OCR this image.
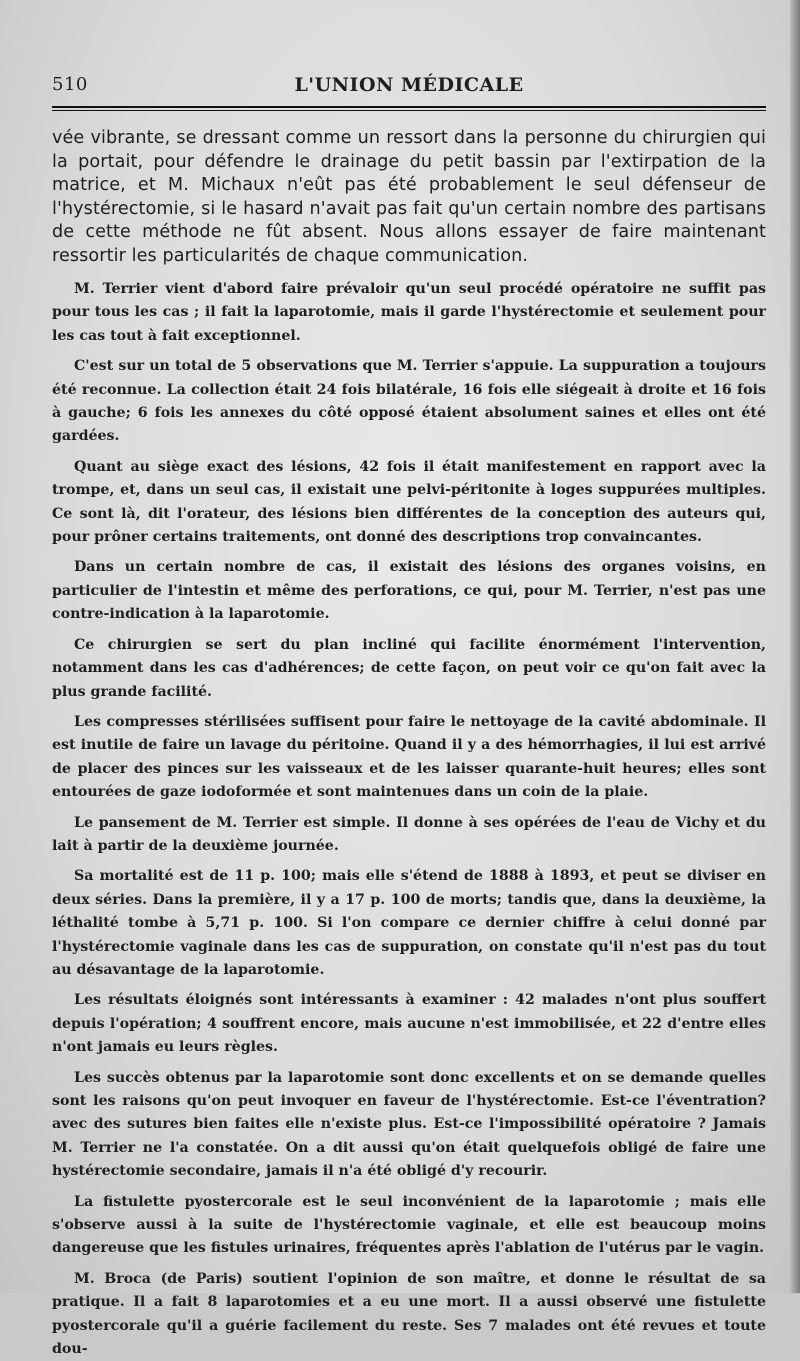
L'UNION MÉDICALE
510

vée vibrante, se dressant comme un ressort dans la personne du chirurgien qui la portait, pour défendre le drainage du petit bassin par l'extirpation de la matrice, et M. Michaux n'eût pas été probablement le seul défenseur de l'hystérectomie, si le hasard n'avait pas fait qu'un certain nombre des partisans de cette méthode ne fût absent. Nous allons essayer de faire maintenant ressortir les particularités de chaque communication.

M. Terrier vient d'abord faire prévaloir qu'un seul procédé opératoire ne suffit pas pour tous les cas ; il fait la laparotomie, mais il garde l'hystérectomie et seulement pour les cas tout à fait exceptionnel.

C'est sur un total de 5 observations que M. Terrier s'appuie. La suppuration a toujours été reconnue. La collection était 24 fois bilatérale, 16 fois elle siégeait à droite et 16 fois à gauche; 6 fois les annexes du côté opposé étaient absolument saines et elles ont été gardées.

Quant au siège exact des lésions, 42 fois il était manifestement en rapport avec la trompe, et, dans un seul cas, il existait une pelvi-péritonite à loges suppurées multiples. Ce sont là, dit l'orateur, des lésions bien différentes de la conception des auteurs qui, pour prôner certains traitements, ont donné des descriptions trop convaincantes.

Dans un certain nombre de cas, il existait des lésions des organes voisins, en particulier de l'intestin et même des perforations, ce qui, pour M. Terrier, n'est pas une contre-indication à la laparotomie.

Ce chirurgien se sert du plan incliné qui facilite énormément l'intervention, notamment dans les cas d'adhérences; de cette façon, on peut voir ce qu'on fait avec la plus grande facilité.

Les compresses stérilisées suffisent pour faire le nettoyage de la cavité abdominale. Il est inutile de faire un lavage du péritoine. Quand il y a des hémorrhagies, il lui est arrivé de placer des pinces sur les vaisseaux et de les laisser quarante-huit heures; elles sont entourées de gaze iodoformée et sont maintenues dans un coin de la plaie.

Le pansement de M. Terrier est simple. Il donne à ses opérées de l'eau de Vichy et du lait à partir de la deuxième journée.

Sa mortalité est de 11 p. 100; mais elle s'étend de 1888 à 1893, et peut se diviser en deux séries. Dans la première, il y a 17 p. 100 de morts; tandis que, dans la deuxième, la léthalité tombe à 5,71 p. 100. Si l'on compare ce dernier chiffre à celui donné par l'hystérectomie vaginale dans les cas de suppuration, on constate qu'il n'est pas du tout au désavantage de la laparotomie.

Les résultats éloignés sont intéressants à examiner : 42 malades n'ont plus souffert depuis l'opération; 4 souffrent encore, mais aucune n'est immobilisée, et 22 d'entre elles n'ont jamais eu leurs règles.

Les succès obtenus par la laparotomie sont donc excellents et on se demande quelles sont les raisons qu'on peut invoquer en faveur de l'hystérectomie. Est-ce l'éventration? avec des sutures bien faites elle n'existe plus. Est-ce l'impossibilité opératoire ? Jamais M. Terrier ne l'a constatée. On a dit aussi qu'on était quelquefois obligé de faire une hystérectomie secondaire, jamais il n'a été obligé d'y recourir.

La fistulette pyostercorale est le seul inconvénient de la laparotomie ; mais elle s'observe aussi à la suite de l'hystérectomie vaginale, et elle est beaucoup moins dangereuse que les fistules urinaires, fréquentes après l'ablation de l'utérus par le vagin.

M. Broca (de Paris) soutient l'opinion de son maître, et donne le résultat de sa pratique. Il a fait 8 laparotomies et a eu une mort. Il a aussi observé une fistulette pyostercorale qu'il a guérie facilement du reste. Ses 7 malades ont été revues et toute dou-
